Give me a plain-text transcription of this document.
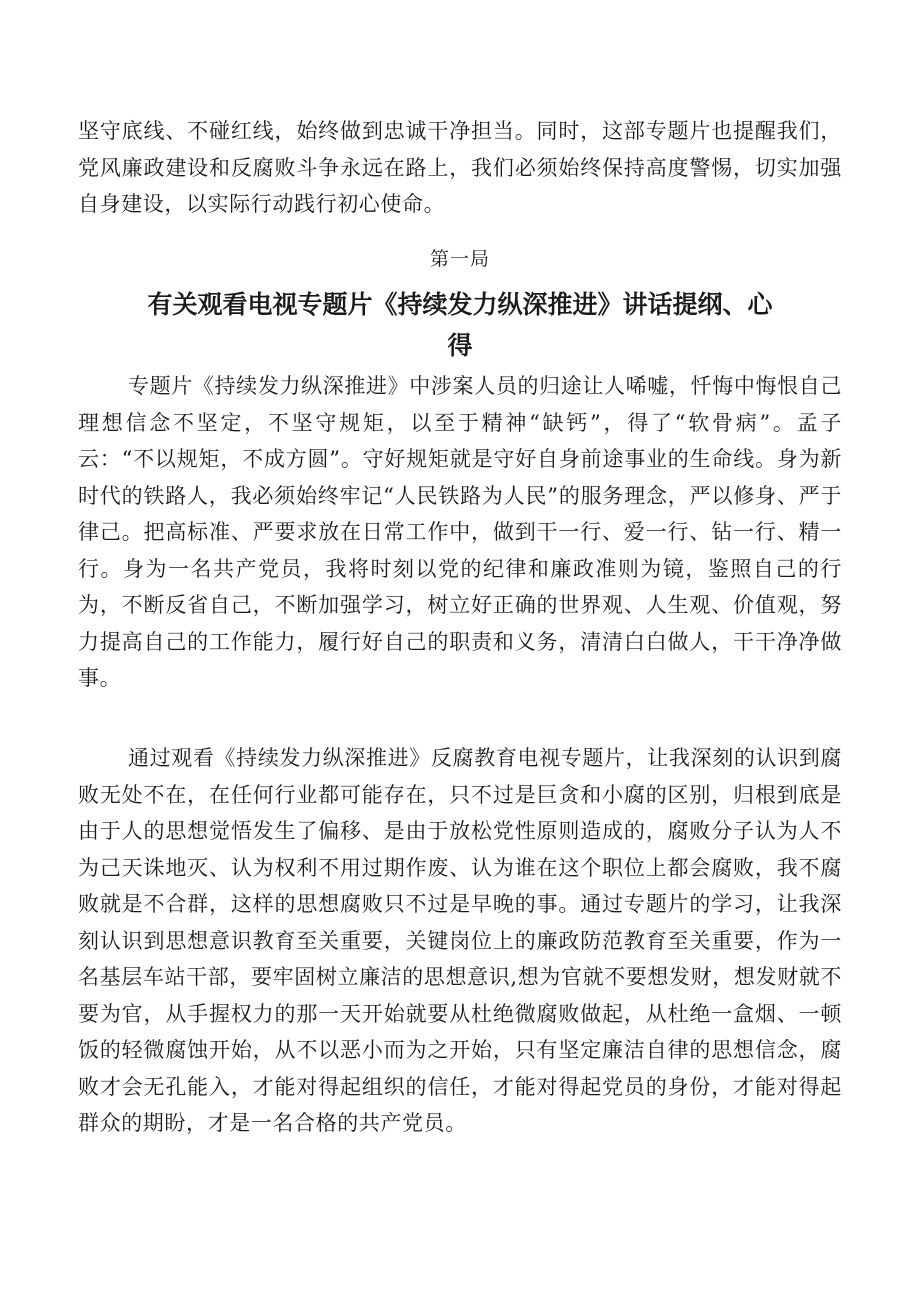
坚守底线、不碰红线，始终做到忠诚干净担当。同时，这部专题片也提醒我们，党风廉政建设和反腐败斗争永远在路上，我们必须始终保持高度警惕，切实加强自身建设，以实际行动践行初心使命。

第一局

有关观看电视专题片《持续发力纵深推进》讲话提纲、心得

专题片《持续发力纵深推进》中涉案人员的归途让人唏嘘，忏悔中悔恨自己理想信念不坚定，不坚守规矩，以至于精神“缺钙”，得了“软骨病”。孟子云：“不以规矩，不成方圆”。守好规矩就是守好自身前途事业的生命线。身为新时代的铁路人，我必须始终牢记“人民铁路为人民”的服务理念，严以修身、严于律己。把高标准、严要求放在日常工作中，做到干一行、爱一行、钻一行、精一行。身为一名共产党员，我将时刻以党的纪律和廉政准则为镜，鉴照自己的行为，不断反省自己，不断加强学习，树立好正确的世界观、人生观、价值观，努力提高自己的工作能力，履行好自己的职责和义务，清清白白做人，干干净净做事。

通过观看《持续发力纵深推进》反腐教育电视专题片，让我深刻的认识到腐败无处不在，在任何行业都可能存在，只不过是巨贪和小腐的区别，归根到底是由于人的思想觉悟发生了偏移、是由于放松党性原则造成的，腐败分子认为人不为己天诛地灭、认为权利不用过期作废、认为谁在这个职位上都会腐败，我不腐败就是不合群，这样的思想腐败只不过是早晚的事。通过专题片的学习，让我深刻认识到思想意识教育至关重要，关键岗位上的廉政防范教育至关重要，作为一名基层车站干部，要牢固树立廉洁的思想意识,想为官就不要想发财，想发财就不要为官，从手握权力的那一天开始就要从杜绝微腐败做起，从杜绝一盒烟、一顿饭的轻微腐蚀开始，从不以恶小而为之开始，只有坚定廉洁自律的思想信念，腐败才会无孔能入，才能对得起组织的信任，才能对得起党员的身份，才能对得起群众的期盼，才是一名合格的共产党员。
